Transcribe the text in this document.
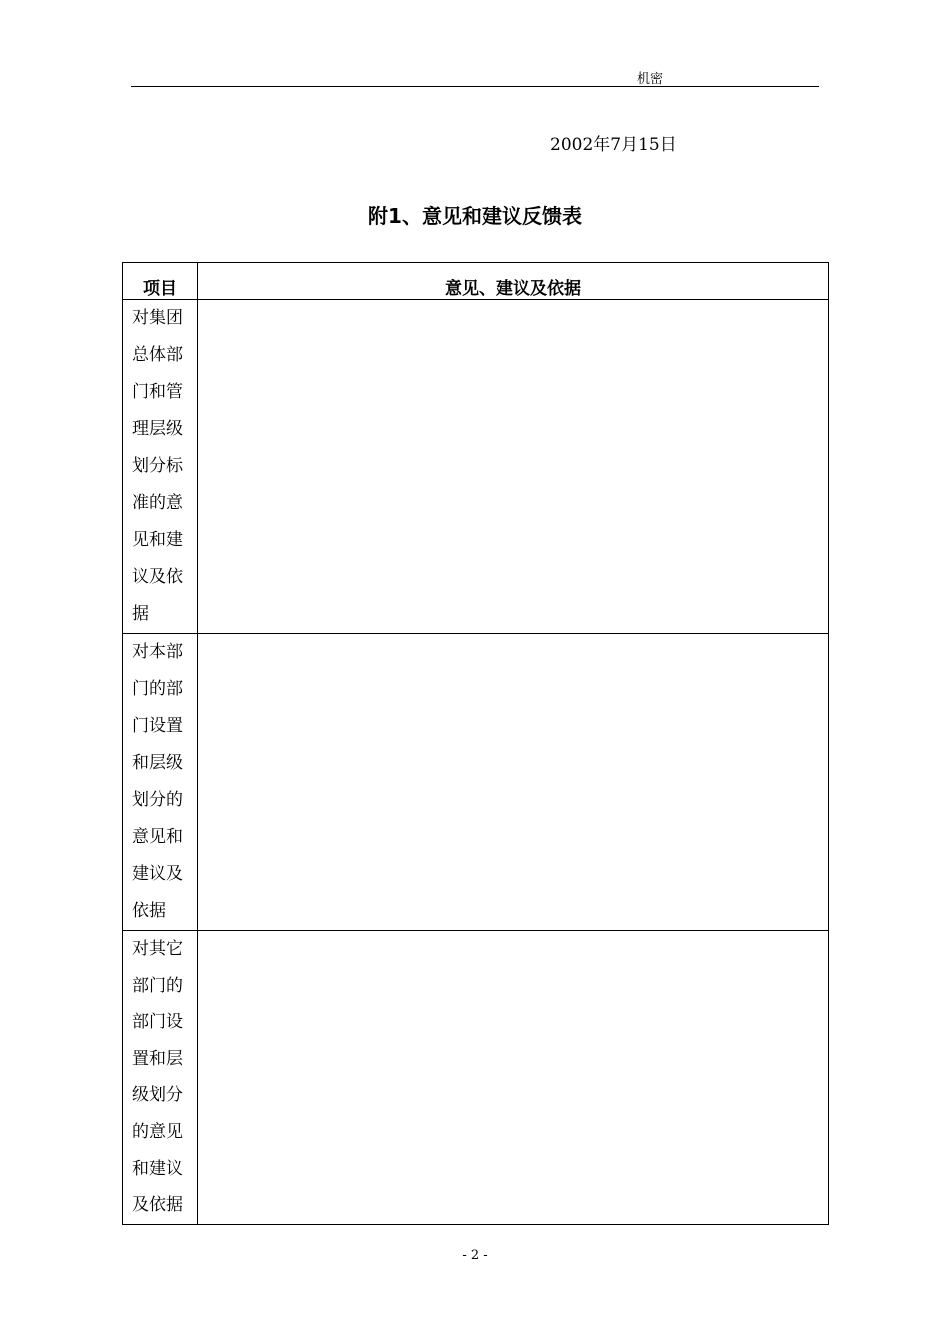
机密
2002年7月15日
附1、意见和建议反馈表
项目	意见、建议及依据

对集团总体部门和管理层级划分标准的意见和建议及依据	

对本部门的部门设置和层级划分的意见和建议及依据	

对其它部门的部门设置和层级划分的意见和建议及依据	

- 2 -
